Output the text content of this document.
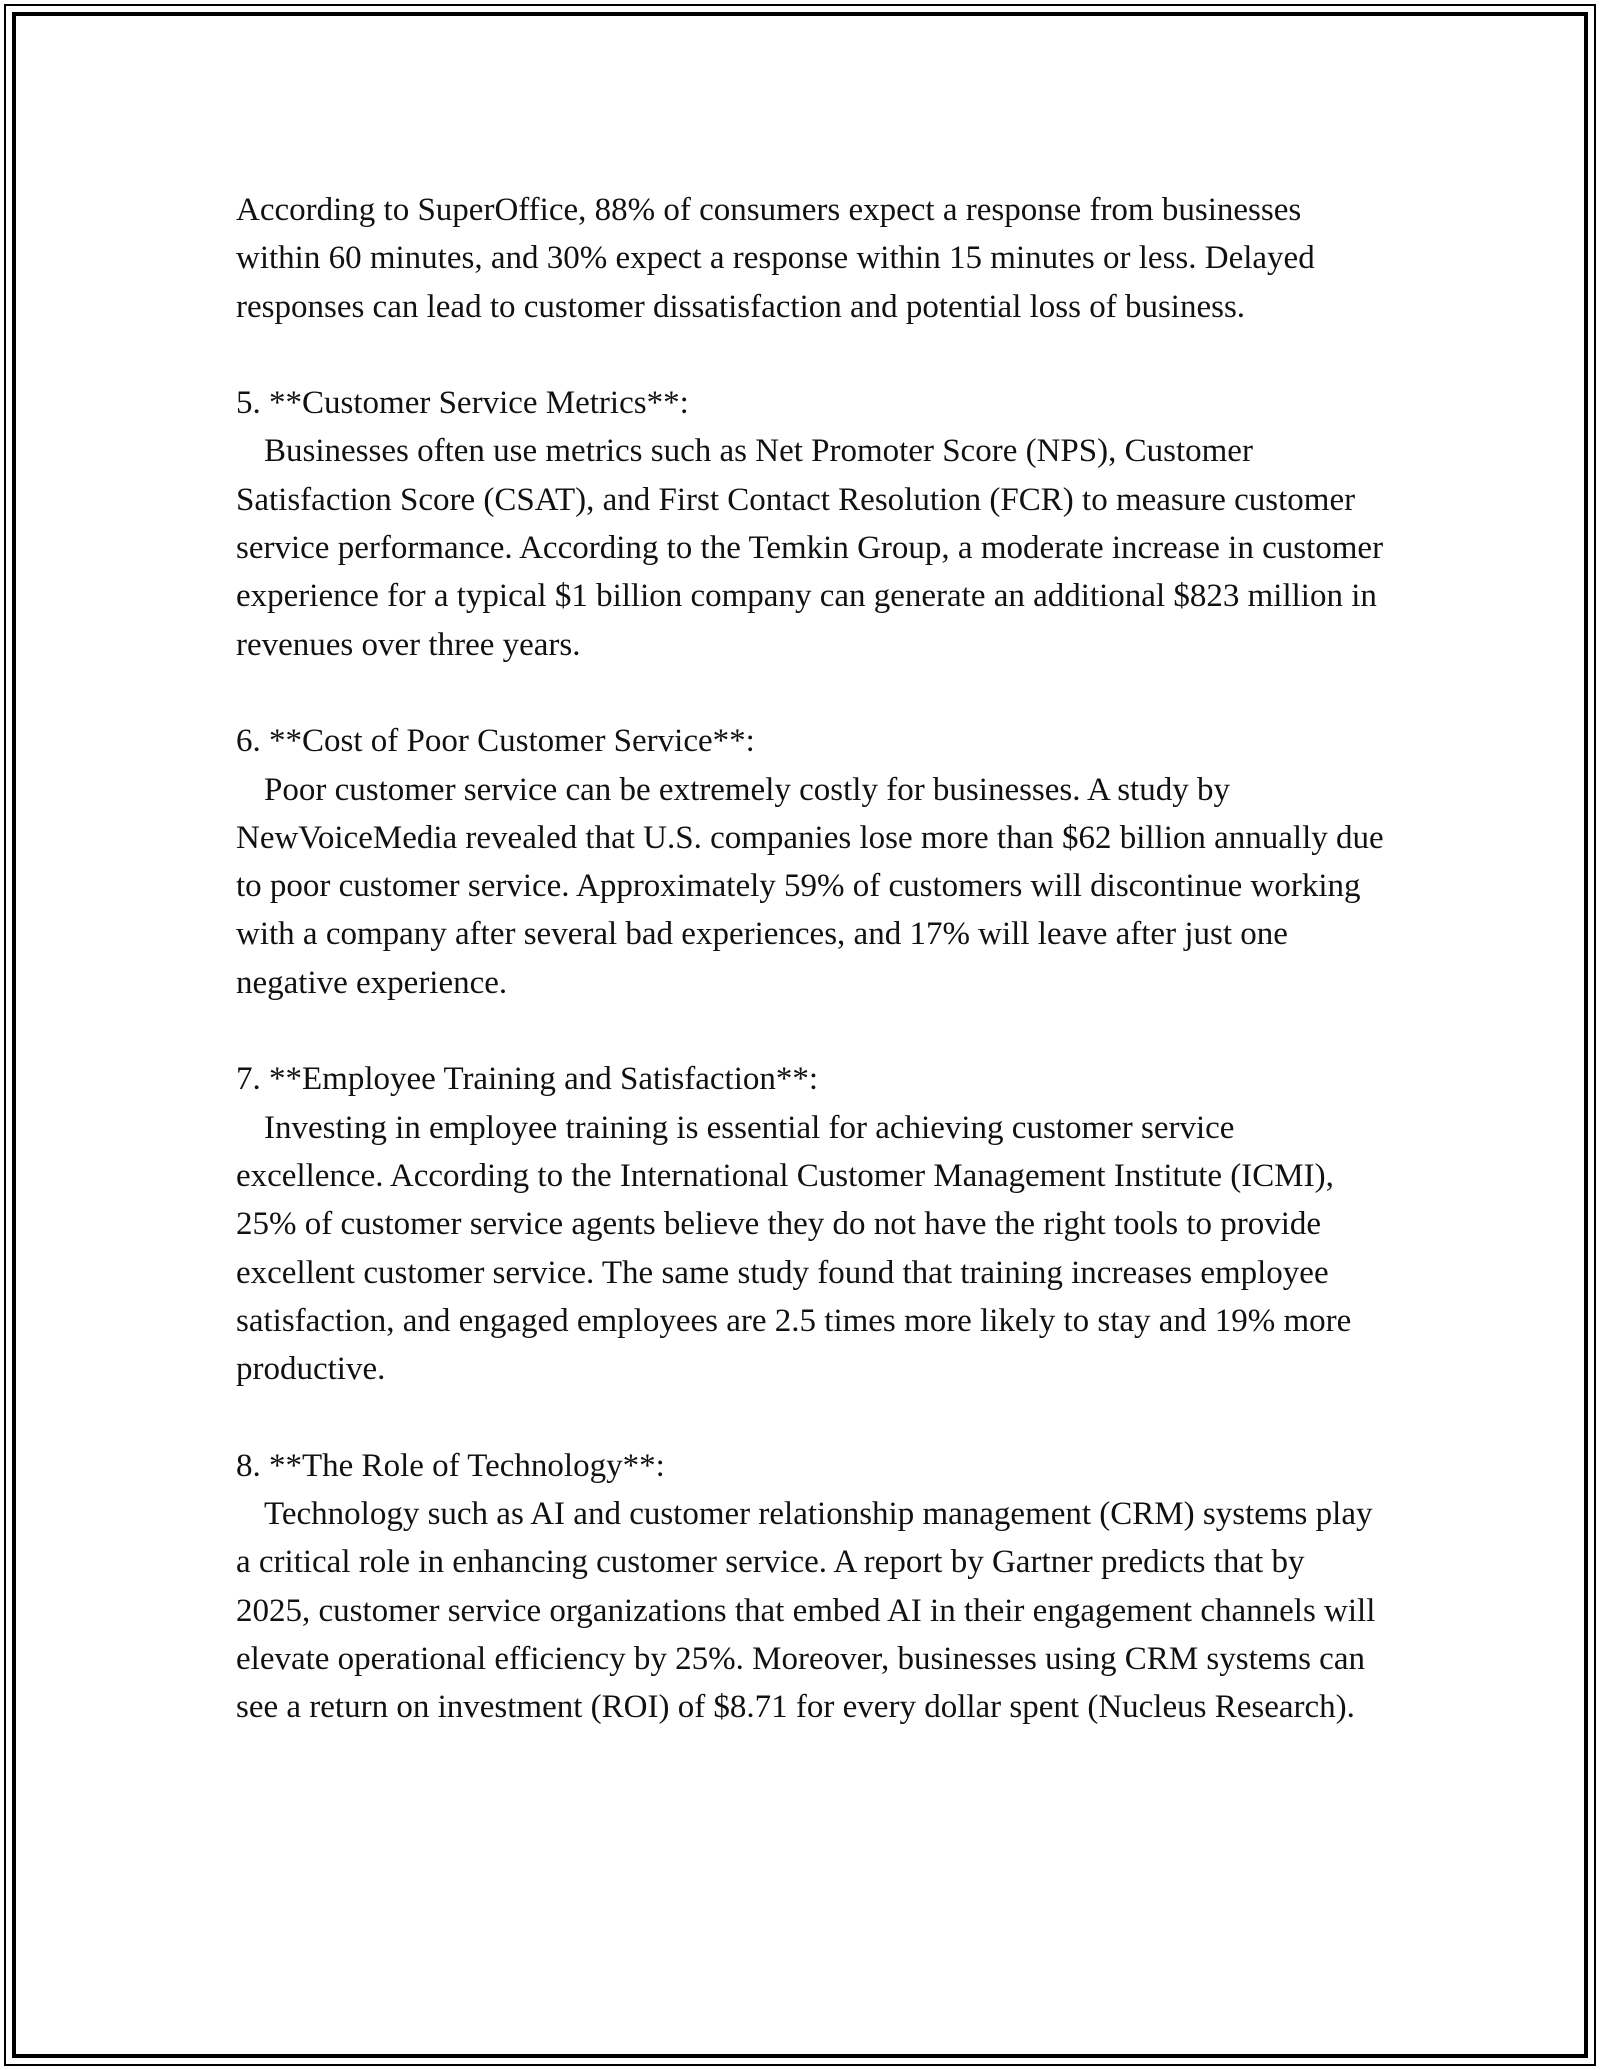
According to SuperOffice, 88% of consumers expect a response from businesses within 60 minutes, and 30% expect a response within 15 minutes or less. Delayed responses can lead to customer dissatisfaction and potential loss of business.

5. **Customer Service Metrics**:

Businesses often use metrics such as Net Promoter Score (NPS), Customer Satisfaction Score (CSAT), and First Contact Resolution (FCR) to measure customer service performance. According to the Temkin Group, a moderate increase in customer experience for a typical $1 billion company can generate an additional $823 million in revenues over three years.

6. **Cost of Poor Customer Service**:

Poor customer service can be extremely costly for businesses. A study by NewVoiceMedia revealed that U.S. companies lose more than $62 billion annually due to poor customer service. Approximately 59% of customers will discontinue working with a company after several bad experiences, and 17% will leave after just one negative experience.

7. **Employee Training and Satisfaction**:

Investing in employee training is essential for achieving customer service excellence. According to the International Customer Management Institute (ICMI), 25% of customer service agents believe they do not have the right tools to provide excellent customer service. The same study found that training increases employee satisfaction, and engaged employees are 2.5 times more likely to stay and 19% more productive.

8. **The Role of Technology**:

Technology such as AI and customer relationship management (CRM) systems play a critical role in enhancing customer service. A report by Gartner predicts that by 2025, customer service organizations that embed AI in their engagement channels will elevate operational efficiency by 25%. Moreover, businesses using CRM systems can see a return on investment (ROI) of $8.71 for every dollar spent (Nucleus Research).
